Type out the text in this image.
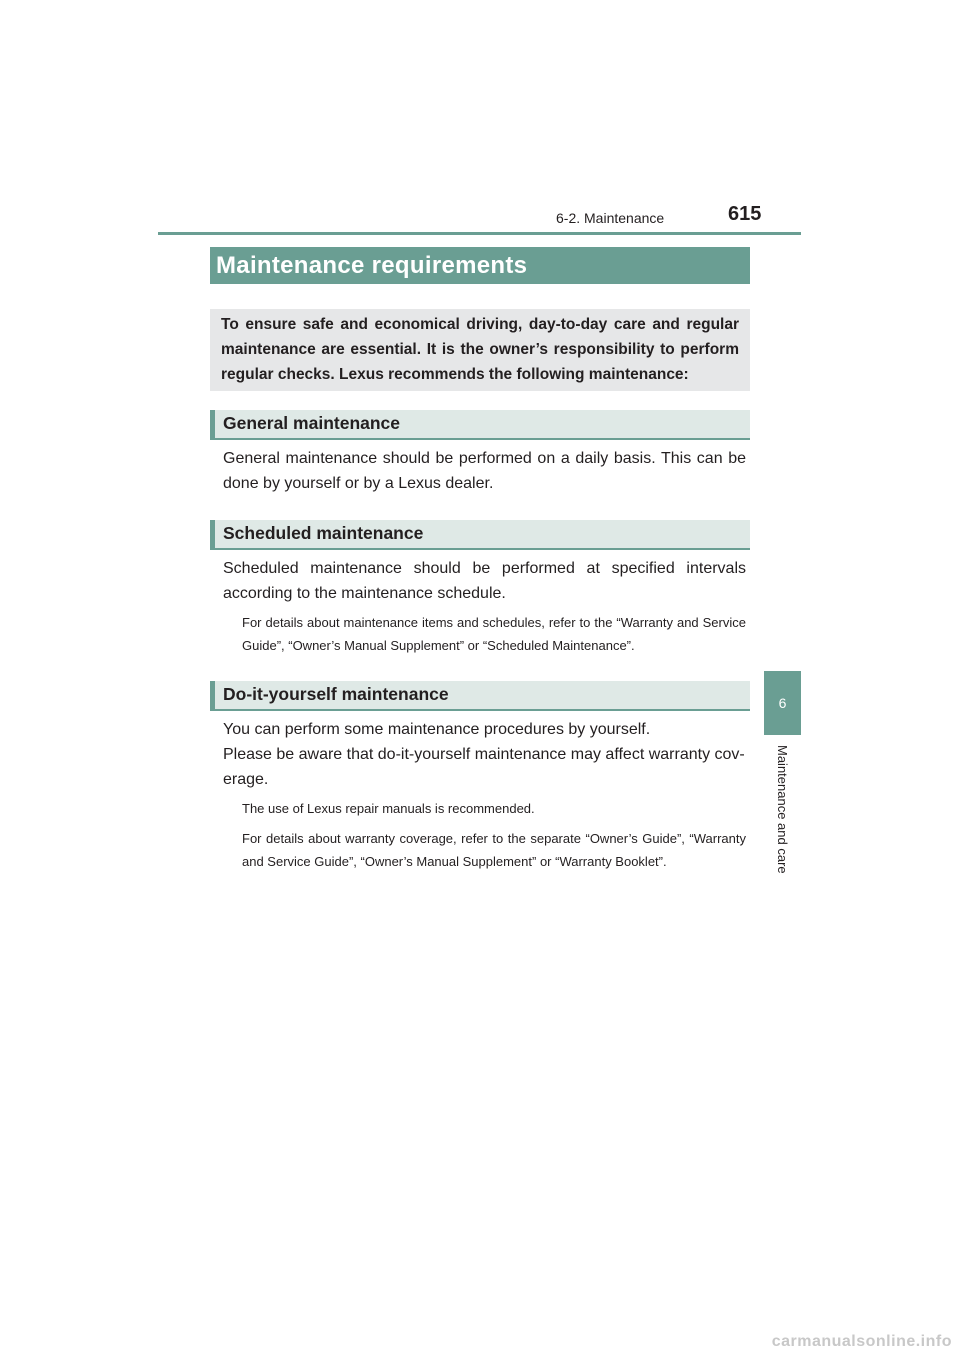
6-2. Maintenance	615
Maintenance requirements
To ensure safe and economical driving, day-to-day care and regular maintenance are essential. It is the owner’s responsibility to perform regular checks. Lexus recommends the following maintenance:
General maintenance
General maintenance should be performed on a daily basis. This can be done by yourself or by a Lexus dealer.
Scheduled maintenance
Scheduled maintenance should be performed at specified intervals according to the maintenance schedule.
For details about maintenance items and schedules, refer to the “Warranty and Service Guide”, “Owner’s Manual Supplement” or “Scheduled Maintenance”.
Do-it-yourself maintenance
You can perform some maintenance procedures by yourself.
Please be aware that do-it-yourself maintenance may affect warranty cov-erage.
The use of Lexus repair manuals is recommended.
For details about warranty coverage, refer to the separate “Owner’s Guide”, “Warranty and Service Guide”, “Owner’s Manual Supplement” or “Warranty Booklet”.
6
Maintenance and care
carmanualsonline.info
